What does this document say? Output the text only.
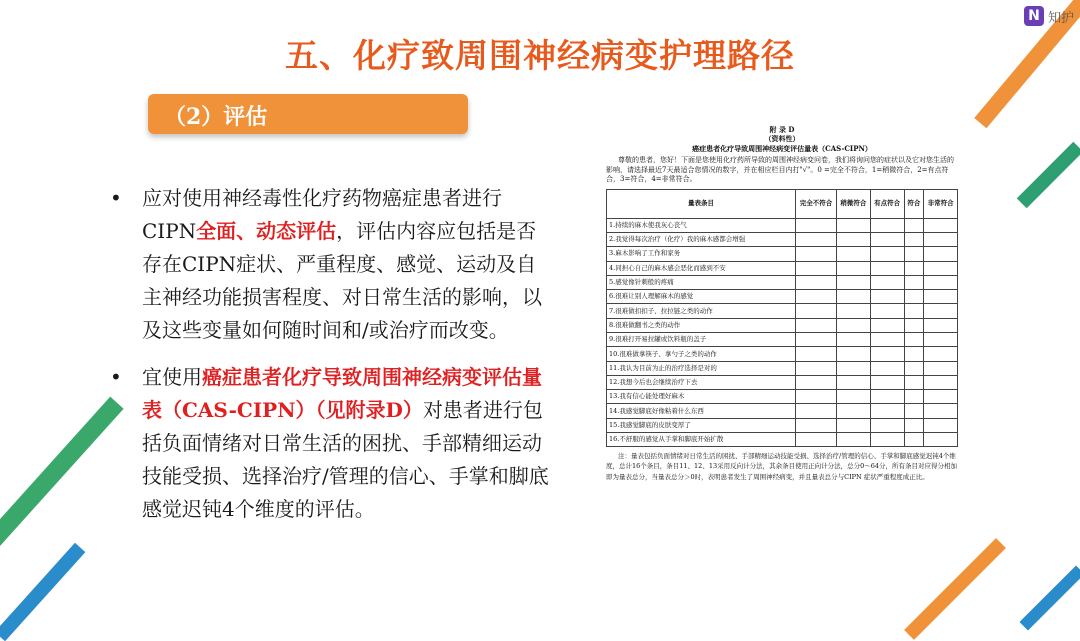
N 知护
五、化疗致周围神经病变护理路径
（2）评估
• 应对使用神经毒性化疗药物癌症患者进行CIPN全面、动态评估，评估内容应包括是否存在CIPN症状、严重程度、感觉、运动及自主神经功能损害程度、对日常生活的影响，以及这些变量如何随时间和/或治疗而改变。
• 宜使用癌症患者化疗导致周围神经病变评估量表（CAS-CIPN）（见附录D）对患者进行包括负面情绪对日常生活的困扰、手部精细运动技能受损、选择治疗/管理的信心、手掌和脚底感觉迟钝4个维度的评估。
附 录 D
（资料性）
癌症患者化疗导致周围神经病变评估量表（CAS-CIPN）
尊敬的患者，您好！下面是您使用化疗药所导致的周围神经病变问卷，我们将询问您的症状以及它对您生活的影响，请选择最近7天最适合您情况的数字，并在相应栏目内打"√"。0 =完全不符合，1=稍微符合，2=有点符合，3=符合，4=非常符合。
量表条目	完全不符合	稍微符合	有点符合	符合	非常符合
1.持续的麻木使我灰心丧气					
2.我觉得每次治疗（化疗）我的麻木感都会增强					
3.麻木影响了工作和家务					
4.同担心自己的麻木感会恶化而感到不安					
5.感觉像针刺般的疼痛					
6.很难让别人理解麻木的感觉					
7.很难做扣扣子、拉拉链之类的动作					
8.很难做翻书之类的动作					
9.很难打开易拉罐或饮料瓶的盖子					
10.很难做拿筷子、拿勺子之类的动作					
11.我认为目前为止的治疗选择是对的					
12.我想今后也会继续治疗下去					
13.我有信心能处理好麻木					
14.我感觉脚底好像粘着什么东西					
15.我感觉脚底的皮肤变厚了					
16.不舒服的感觉从手掌和脚底开始扩散					
注：量表包括负面情绪对日常生活的困扰、手部精细运动技能受损、选择治疗/管理的信心、手掌和脚底感觉迟钝4个维度，总计16个条目，条目11、12、13采用反向计分法，其余条目使用正向计分法，总分0～64分，所有条目对应得分相加即为量表总分，当量表总分＞0时，表明患者发生了周围神经病变，并且量表总分与CIPN 症状严重程度成正比。
